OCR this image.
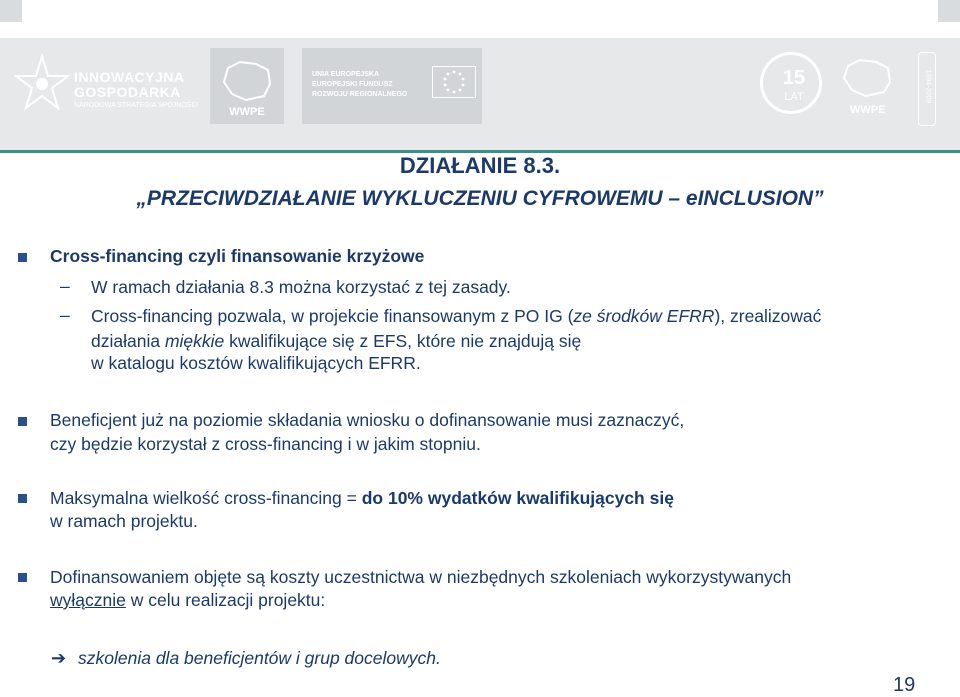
INNOWACYJNA
GOSPODARKA
NARODOWA STRATEGIA SPÓJNOŚCI
WWPE
UNIA EUROPEJSKA
EUROPEJSKI FUNDUSZ
ROZWOJU REGIONALNEGO
15
LAT
WWPE
1994-2009
DZIAŁANIE 8.3.
„PRZECIWDZIAŁANIE WYKLUCZENIU CYFROWEMU – eINCLUSION”
Cross-financing czyli finansowanie krzyżowe
– W ramach działania 8.3 można korzystać z tej zasady.
– Cross-financing pozwala, w projekcie finansowanym z PO IG (ze środków EFRR), zrealizować
działania miękkie kwalifikujące się z EFS, które nie znajdują się
w katalogu kosztów kwalifikujących EFRR.
Beneficjent już na poziomie składania wniosku o dofinansowanie musi zaznaczyć,
czy będzie korzystał z cross-financing i w jakim stopniu.
Maksymalna wielkość cross-financing = do 10% wydatków kwalifikujących się
w ramach projektu.
Dofinansowaniem objęte są koszty uczestnictwa w niezbędnych szkoleniach wykorzystywanych
wyłącznie w celu realizacji projektu:
➔ szkolenia dla beneficjentów i grup docelowych.
19
